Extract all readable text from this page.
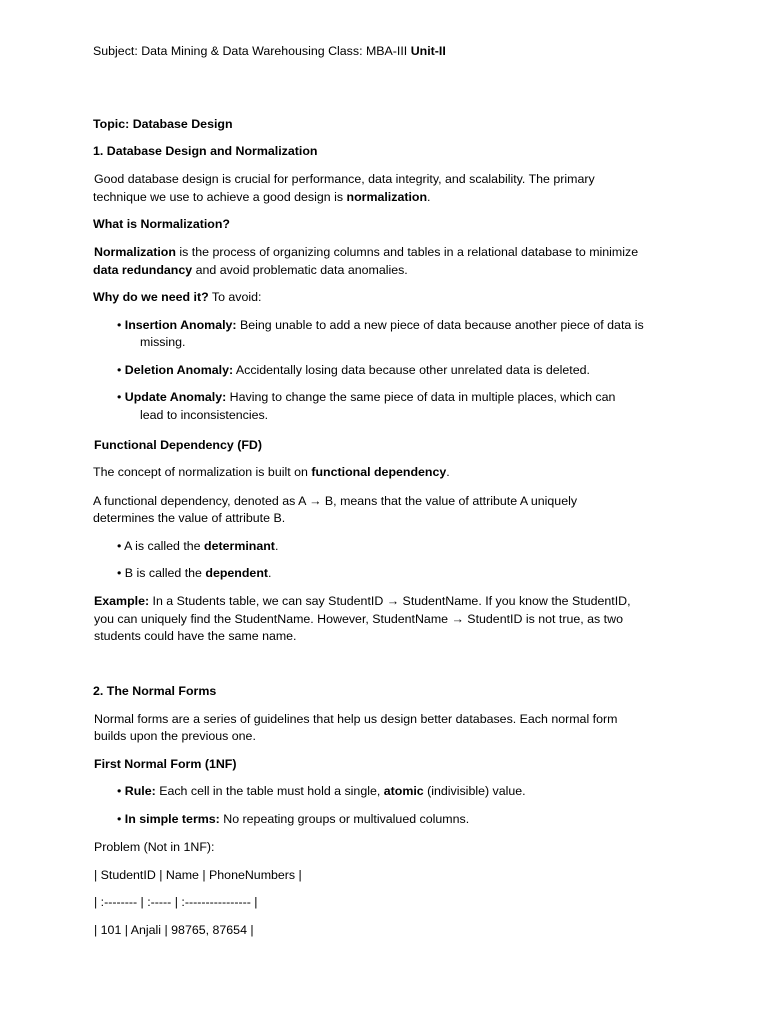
Subject: Data Mining & Data Warehousing Class: MBA-III Unit-II

Topic: Database Design

1. Database Design and Normalization

Good database design is crucial for performance, data integrity, and scalability. The primary

technique we use to achieve a good design is normalization.

What is Normalization?

Normalization is the process of organizing columns and tables in a relational database to minimize

data redundancy and avoid problematic data anomalies.

Why do we need it? To avoid:

• Insertion Anomaly: Being unable to add a new piece of data because another piece of data is

missing.

• Deletion Anomaly: Accidentally losing data because other unrelated data is deleted.

• Update Anomaly: Having to change the same piece of data in multiple places, which can

lead to inconsistencies.

Functional Dependency (FD)

The concept of normalization is built on functional dependency.

A functional dependency, denoted as A → B, means that the value of attribute A uniquely

determines the value of attribute B.

• A is called the determinant.

• B is called the dependent.

Example: In a Students table, we can say StudentID → StudentName. If you know the StudentID,

you can uniquely find the StudentName. However, StudentName → StudentID is not true, as two

students could have the same name.

2. The Normal Forms

Normal forms are a series of guidelines that help us design better databases. Each normal form

builds upon the previous one.

First Normal Form (1NF)

• Rule: Each cell in the table must hold a single, atomic (indivisible) value.

• In simple terms: No repeating groups or multivalued columns.

Problem (Not in 1NF):

| StudentID | Name | PhoneNumbers |

| :-------- | :----- | :---------------- |

| 101 | Anjali | 98765, 87654 |
